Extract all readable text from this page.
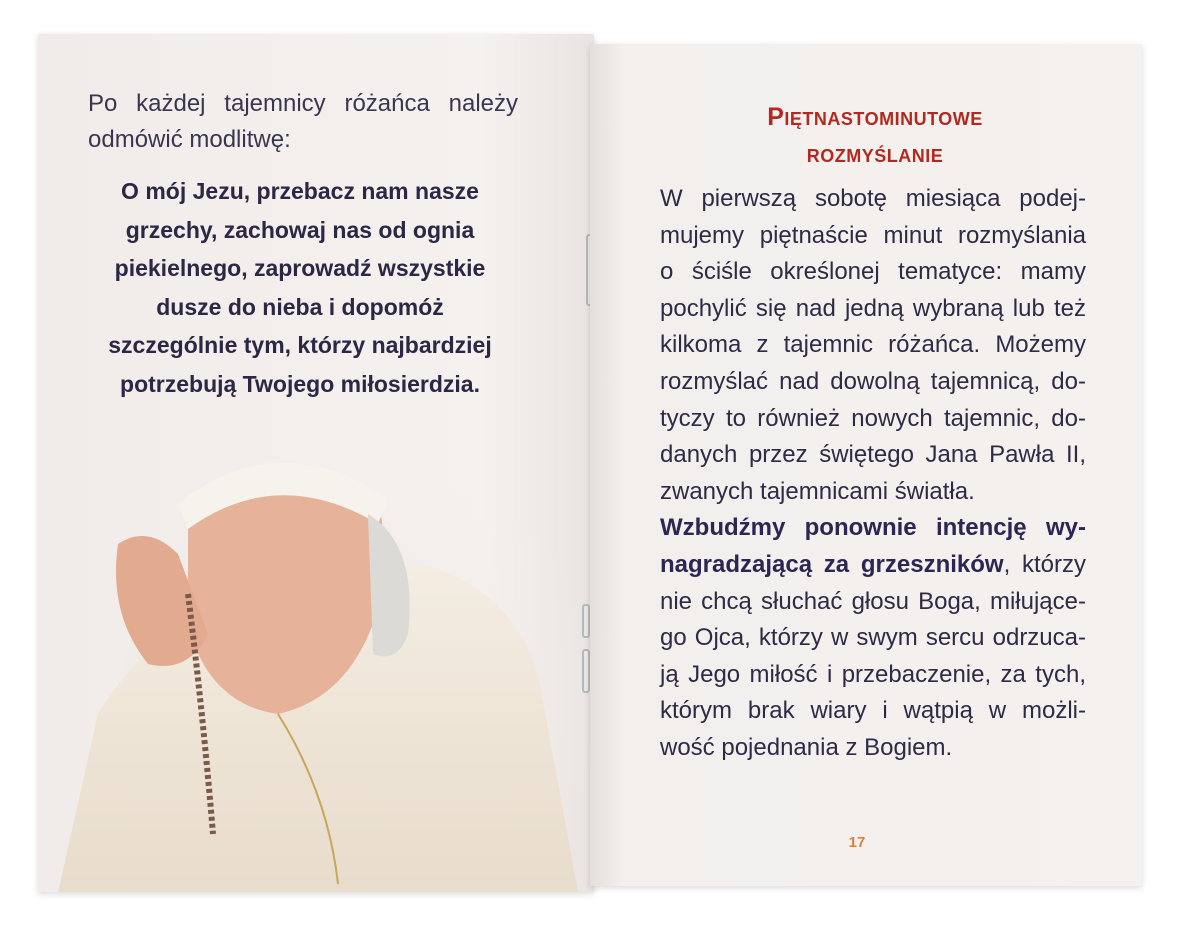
Po każdej tajemnicy różańca należy
odmówić modlitwę:
O mój Jezu, przebacz nam nasze
grzechy, zachowaj nas od ognia
piekielnego, zaprowadź wszystkie
dusze do nieba i dopomóż
szczególnie tym, którzy najbardziej
potrzebują Twojego miłosierdzia.
Piętnastominutowe
rozmyślanie
W pierwszą sobotę miesiąca podej-
mujemy piętnaście minut rozmyślania
o ściśle określonej tematyce: mamy
pochylić się nad jedną wybraną lub też
kilkoma z tajemnic różańca. Możemy
rozmyślać nad dowolną tajemnicą, do-
tyczy to również nowych tajemnic, do-
danych przez świętego Jana Pawła II,
zwanych tajemnicami światła.
Wzbudźmy ponownie intencję wy-
nagradzającą za grzeszników, którzy
nie chcą słuchać głosu Boga, miłujące-
go Ojca, którzy w swym sercu odrzuca-
ją Jego miłość i przebaczenie, za tych,
którym brak wiary i wątpią w możli-
wość pojednania z Bogiem.
17
